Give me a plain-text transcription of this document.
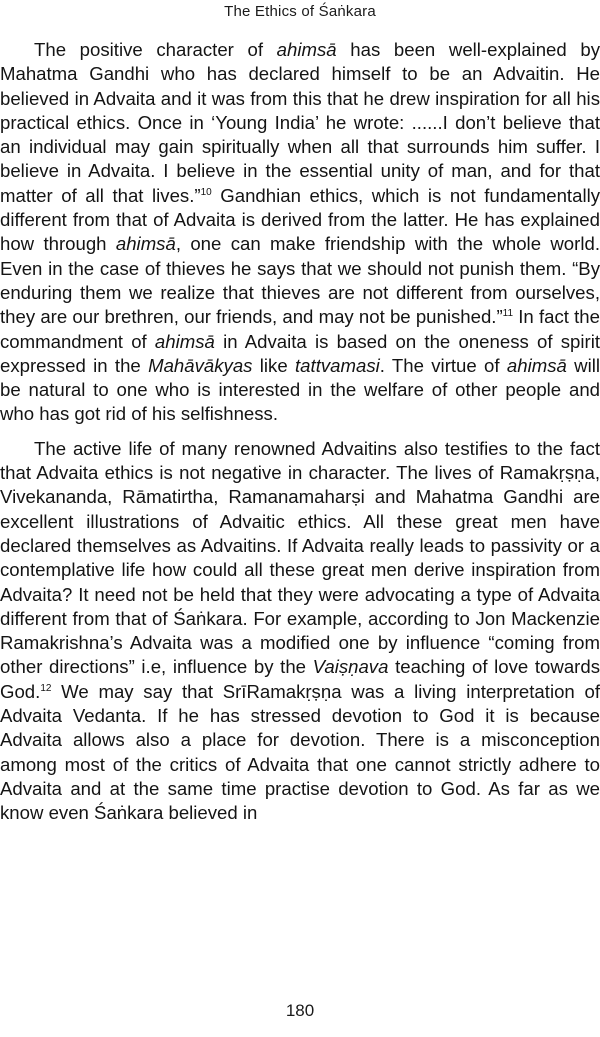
The Ethics of Śaṅkara

The positive character of ahimsā has been well-explained by Mahatma Gandhi who has declared himself to be an Advaitin. He believed in Advaita and it was from this that he drew inspiration for all his practical ethics. Once in ‘Young India’ he wrote: ......I don’t believe that an individual may gain spiritually when all that surrounds him suffer. I believe in Advaita. I believe in the essential unity of man, and for that matter of all that lives.”$^{10}$ Gandhian ethics, which is not fundamentally different from that of Advaita is derived from the latter. He has explained how through ahimsā, one can make friendship with the whole world. Even in the case of thieves he says that we should not punish them. “By enduring them we realize that thieves are not different from ourselves, they are our brethren, our friends, and may not be punished.”$^{11}$ In fact the commandment of ahimsā in Advaita is based on the oneness of spirit expressed in the Mahāvākyas like tattvamasi. The virtue of ahimsā will be natural to one who is interested in the welfare of other people and who has got rid of his selfishness.

The active life of many renowned Advaitins also testifies to the fact that Advaita ethics is not negative in character. The lives of Ramakṛṣṇa, Vivekananda, Rāmatirtha, Ramanamaharṣi and Mahatma Gandhi are excellent illustrations of Advaitic ethics. All these great men have declared themselves as Advaitins. If Advaita really leads to passivity or a contemplative life how could all these great men derive inspiration from Advaita? It need not be held that they were advocating a type of Advaita different from that of Śaṅkara. For example, according to Jon Mackenzie Ramakrishna’s Advaita was a modified one by influence “coming from other directions” i.e, influence by the Vaiṣṇava teaching of love towards God.$^{12}$ We may say that SrīRamakṛṣṇa was a living interpretation of Advaita Vedanta. If he has stressed devotion to God it is because Advaita allows also a place for devotion. There is a misconception among most of the critics of Advaita that one cannot strictly adhere to Advaita and at the same time practise devotion to God. As far as we know even Śaṅkara believed in

180
